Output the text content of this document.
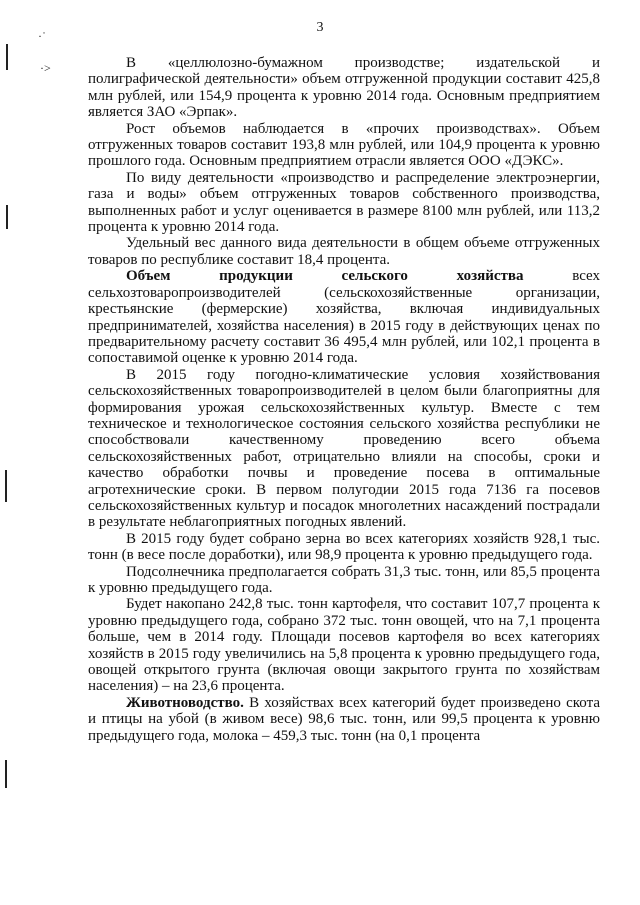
·˙
·˃
3

В «целлюлозно-бумажном производстве; издательской и полиграфической деятельности» объем отгруженной продукции составит 425,8 млн рублей, или 154,9 процента к уровню 2014 года. Основным предприятием является ЗАО «Эрпак».

Рост объемов наблюдается в «прочих производствах». Объем отгруженных товаров составит 193,8 млн рублей, или 104,9 процента к уровню прошлого года. Основным предприятием отрасли является ООО «ДЭКС».

По виду деятельности «производство и распределение электроэнергии, газа и воды» объем отгруженных товаров собственного производства, выполненных работ и услуг оценивается в размере 8100 млн рублей, или 113,2 процента к уровню 2014 года.

Удельный вес данного вида деятельности в общем объеме отгруженных товаров по республике составит 18,4 процента.

Объем продукции сельского хозяйства всех сельхозтоваропроизводителей (сельскохозяйственные организации, крестьянские (фермерские) хозяйства, включая индивидуальных предпринимателей, хозяйства населения) в 2015 году в действующих ценах по предварительному расчету составит 36 495,4 млн рублей, или 102,1 процента в сопоставимой оценке к уровню 2014 года.

В 2015 году погодно-климатические условия хозяйствования сельскохозяйственных товаропроизводителей в целом были благоприятны для формирования урожая сельскохозяйственных культур. Вместе с тем техническое и технологическое состояния сельского хозяйства республики не способствовали качественному проведению всего объема сельскохозяйственных работ, отрицательно влияли на способы, сроки и качество обработки почвы и проведение посева в оптимальные агротехнические сроки. В первом полугодии 2015 года 7136 га посевов сельскохозяйственных культур и посадок многолетних насаждений пострадали в результате неблагоприятных погодных явлений.

В 2015 году будет собрано зерна во всех категориях хозяйств 928,1 тыс. тонн (в весе после доработки), или 98,9 процента к уровню предыдущего года.

Подсолнечника предполагается собрать 31,3 тыс. тонн, или 85,5 процента к уровню предыдущего года.

Будет накопано 242,8 тыс. тонн картофеля, что составит 107,7 процента к уровню предыдущего года, собрано 372 тыс. тонн овощей, что на 7,1 процента больше, чем в 2014 году. Площади посевов картофеля во всех категориях хозяйств в 2015 году увеличились на 5,8 процента к уровню предыдущего года, овощей открытого грунта (включая овощи закрытого грунта по хозяйствам населения) – на 23,6 процента.

Животноводство. В хозяйствах всех категорий будет произведено скота и птицы на убой (в живом весе) 98,6 тыс. тонн, или 99,5 процента к уровню предыдущего года, молока – 459,3 тыс. тонн (на 0,1 процента
